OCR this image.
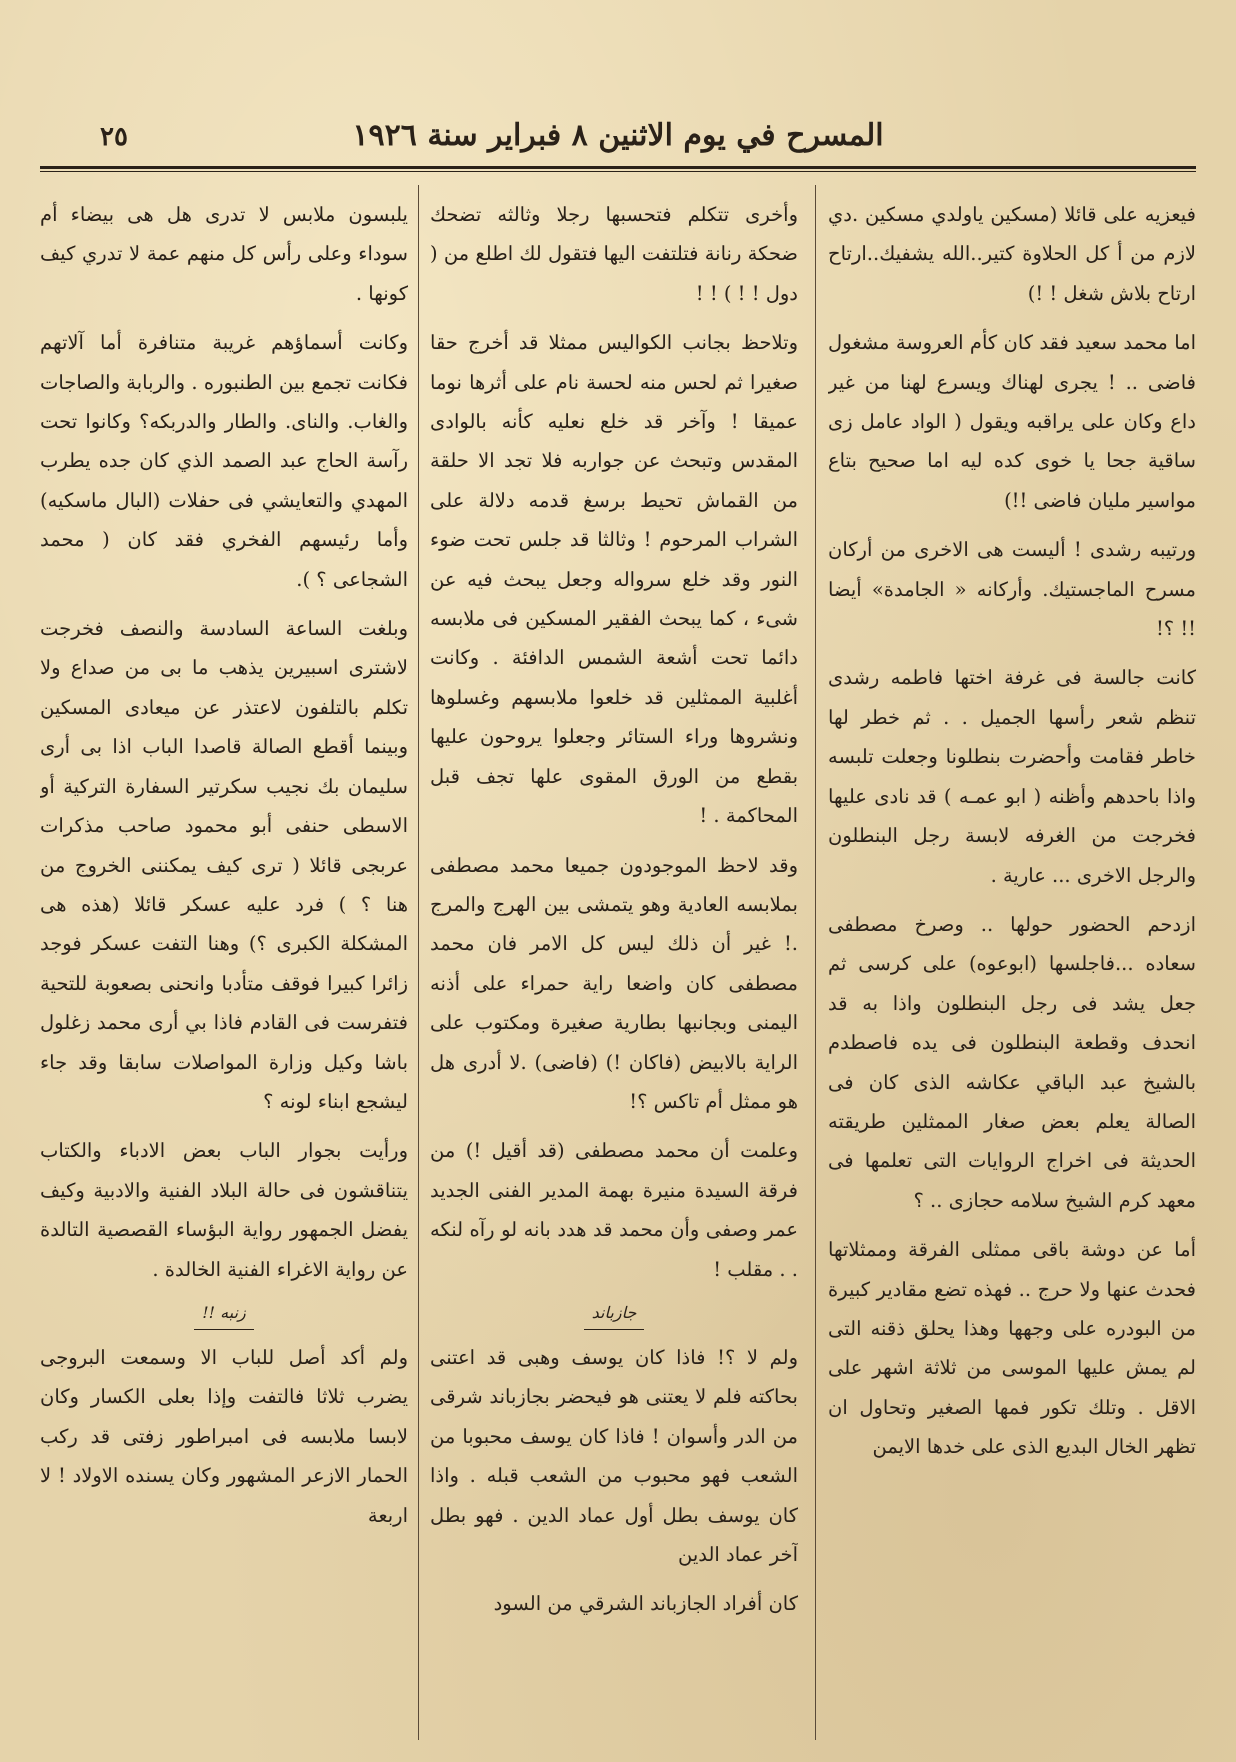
المسرح في يوم الاثنين ٨ فبراير سنة ١٩٢٦
٢٥

فيعزيه على قائلا (مسكين ياولدي مسكين .دي لازم من أ كل الحلاوة كتير..الله يشفيك..ارتاح ارتاح بلاش شغل ! !)

اما محمد سعيد فقد كان كأم العروسة مشغول فاضى .. ! يجرى لهناك ويسرع لهنا من غير داع وكان على يراقبه ويقول ( الواد عامل زى ساقية جحا يا خوى كده ليه اما صحيح بتاع مواسير مليان فاضى !!)

ورتيبه رشدى ! أليست هى الاخرى من أركان مسرح الماجستيك. وأركانه « الجامدة» أيضا !! ؟!

كانت جالسة فى غرفة اختها فاطمه رشدى تنظم شعر رأسها الجميل . . ثم خطر لها خاطر فقامت وأحضرت بنطلونا وجعلت تلبسه واذا باحدهم وأظنه ( ابو عمـه ) قد نادى عليها فخرجت من الغرفه لابسة رجل البنطلون والرجل الاخرى ... عارية .

ازدحم الحضور حولها .. وصرخ مصطفى سعاده ...فاجلسها (ابوعوه) على كرسى ثم جعل يشد فى رجل البنطلون واذا به قد انحدف وقطعة البنطلون فى يده فاصطدم بالشيخ عبد الباقي عكاشه الذى كان فى الصالة يعلم بعض صغار الممثلين طريقته الحديثة فى اخراج الروايات التى تعلمها فى معهد كرم الشيخ سلامه حجازى .. ؟

أما عن دوشة باقى ممثلى الفرقة وممثلاتها فحدث عنها ولا حرج .. فهذه تضع مقادير كبيرة من البودره على وجهها وهذا يحلق ذقنه التى لم يمش عليها الموسى من ثلاثة اشهر على الاقل . وتلك تكور فمها الصغير وتحاول ان تظهر الخال البديع الذى على خدها الايمن

وأخرى تتكلم فتحسبها رجلا وثالثه تضحك ضحكة رنانة فتلتفت اليها فتقول لك اطلع من ( دول ! ! ) ! !

وتلاحظ بجانب الكواليس ممثلا قد أخرج حقا صغيرا ثم لحس منه لحسة نام على أثرها نوما عميقا ! وآخر قد خلع نعليه كأنه بالوادى المقدس وتبحث عن جواربه فلا تجد الا حلقة من القماش تحيط برسغ قدمه دلالة على الشراب المرحوم ! وثالثا قد جلس تحت ضوء النور وقد خلع سرواله وجعل يبحث فيه عن شىء ، كما يبحث الفقير المسكين فى ملابسه دائما تحت أشعة الشمس الدافئة . وكانت أغلبية الممثلين قد خلعوا ملابسهم وغسلوها ونشروها وراء الستائر وجعلوا يروحون عليها بقطع من الورق المقوى علها تجف قبل المحاكمة . !

وقد لاحظ الموجودون جميعا محمد مصطفى بملابسه العادية وهو يتمشى بين الهرج والمرج .! غير أن ذلك ليس كل الامر فان محمد مصطفى كان واضعا راية حمراء على أذنه اليمنى وبجانبها بطارية صغيرة ومكتوب على الراية بالابيض (فاكان !) (فاضى) .لا أدرى هل هو ممثل أم تاكس ؟!

وعلمت أن محمد مصطفى (قد أقيل !) من فرقة السيدة منيرة بهمة المدير الفنى الجديد عمر وصفى وأن محمد قد هدد بانه لو رآه لنكه . . مقلب !

جازباند

ولم لا ؟! فاذا كان يوسف وهبى قد اعتنى بحاكته فلم لا يعتنى هو فيحضر بجازباند شرقى من الدر وأسوان ! فاذا كان يوسف محبوبا من الشعب فهو محبوب من الشعب قبله . واذا كان يوسف بطل أول عماد الدين . فهو بطل آخر عماد الدين

كان أفراد الجازباند الشرقي من السود

يلبسون ملابس لا تدرى هل هى بيضاء أم سوداء وعلى رأس كل منهم عمة لا تدري كيف كونها .

وكانت أسماؤهم غريبة متنافرة أما آلاتهم فكانت تجمع بين الطنبوره . والربابة والصاجات والغاب. والناى. والطار والدربكه؟ وكانوا تحت رآسة الحاج عبد الصمد الذي كان جده يطرب المهدي والتعايشي فى حفلات (البال ماسكيه) وأما رئيسهم الفخري فقد كان ( محمد الشجاعى ؟ ).

وبلغت الساعة السادسة والنصف فخرجت لاشترى اسبيرين يذهب ما بى من صداع ولا تكلم بالتلفون لاعتذر عن ميعادى المسكين وبينما أقطع الصالة قاصدا الباب اذا بى أرى سليمان بك نجيب سكرتير السفارة التركية أو الاسطى حنفى أبو محمود صاحب مذكرات عربجى قائلا ( ترى كيف يمكننى الخروج من هنا ؟ ) فرد عليه عسكر قائلا (هذه هى المشكلة الكبرى ؟) وهنا التفت عسكر فوجد زائرا كبيرا فوقف متأدبا وانحنى بصعوبة للتحية فتفرست فى القادم فاذا بي أرى محمد زغلول باشا وكيل وزارة المواصلات سابقا وقد جاء ليشجع ابناء لونه ؟

ورأيت بجوار الباب بعض الادباء والكتاب يتناقشون فى حالة البلاد الفنية والادبية وكيف يفضل الجمهور رواية البؤساء القصصية التالدة عن رواية الاغراء الفنية الخالدة .

زنبه !!

ولم أكد أصل للباب الا وسمعت البروجى يضرب ثلاثا فالتفت وإذا بعلى الكسار وكان لابسا ملابسه فى امبراطور زفتى قد ركب الحمار الازعر المشهور وكان يسنده الاولاد ! لا اربعة
